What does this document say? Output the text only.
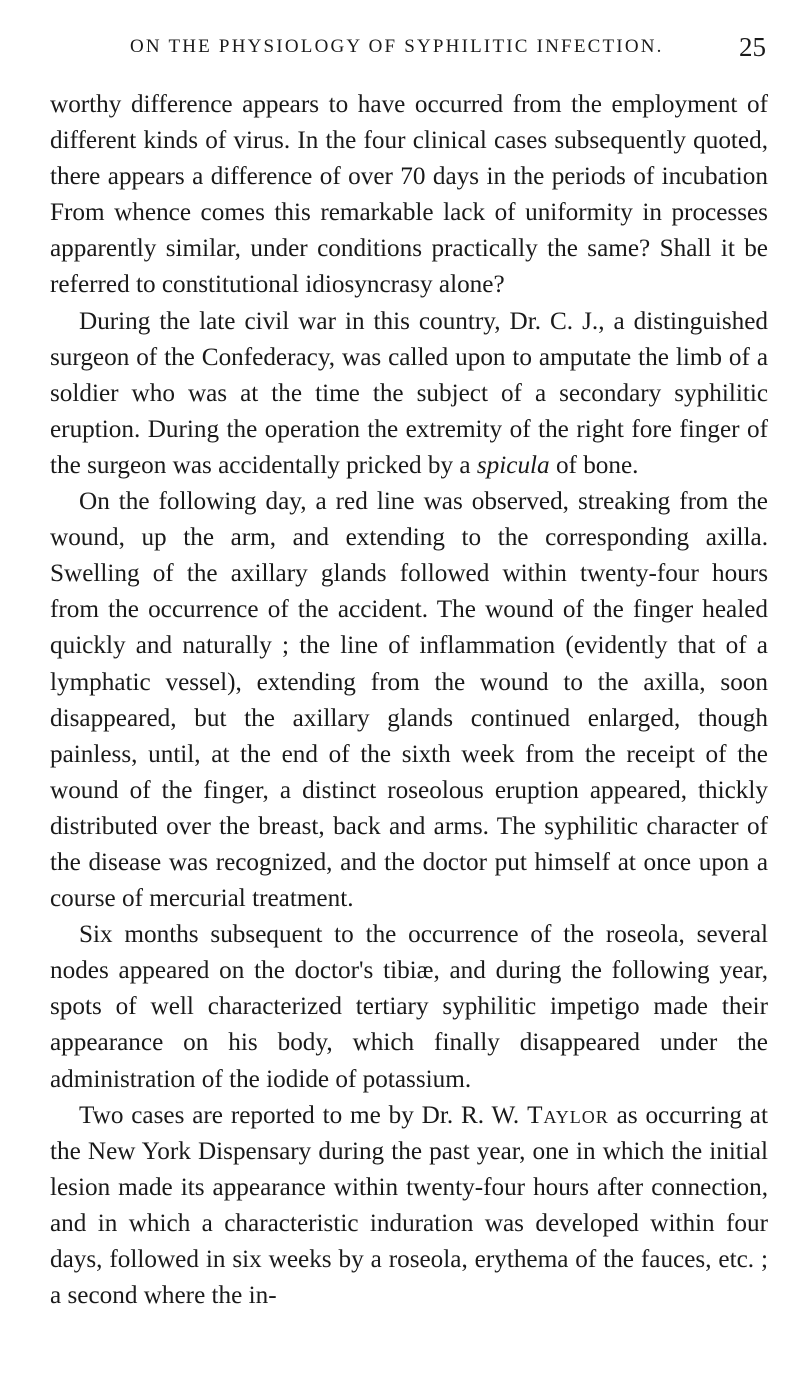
ON THE PHYSIOLOGY OF SYPHILITIC INFECTION.	25

worthy difference appears to have occurred from the employment of different kinds of virus. In the four clinical cases subsequently quoted, there appears a difference of over 70 days in the periods of incubation From whence comes this remarkable lack of uniformity in processes apparently similar, under conditions practically the same? Shall it be referred to constitutional idiosyncrasy alone?

During the late civil war in this country, Dr. C. J., a distinguished surgeon of the Confederacy, was called upon to amputate the limb of a soldier who was at the time the subject of a secondary syphilitic eruption. During the operation the extremity of the right fore finger of the surgeon was accidentally pricked by a spicula of bone.

On the following day, a red line was observed, streaking from the wound, up the arm, and extending to the corresponding axilla. Swelling of the axillary glands followed within twenty-four hours from the occurrence of the accident. The wound of the finger healed quickly and naturally ; the line of inflammation (evidently that of a lymphatic vessel), extending from the wound to the axilla, soon disappeared, but the axillary glands continued enlarged, though painless, until, at the end of the sixth week from the receipt of the wound of the finger, a distinct roseolous eruption appeared, thickly distributed over the breast, back and arms. The syphilitic character of the disease was recognized, and the doctor put himself at once upon a course of mercurial treatment.

Six months subsequent to the occurrence of the roseola, several nodes appeared on the doctor's tibiæ, and during the following year, spots of well characterized tertiary syphilitic impetigo made their appearance on his body, which finally disappeared under the administration of the iodide of potassium.

Two cases are reported to me by Dr. R. W. Taylor as occurring at the New York Dispensary during the past year, one in which the initial lesion made its appearance within twenty-four hours after connection, and in which a characteristic induration was developed within four days, followed in six weeks by a roseola, erythema of the fauces, etc. ; a second where the in-
